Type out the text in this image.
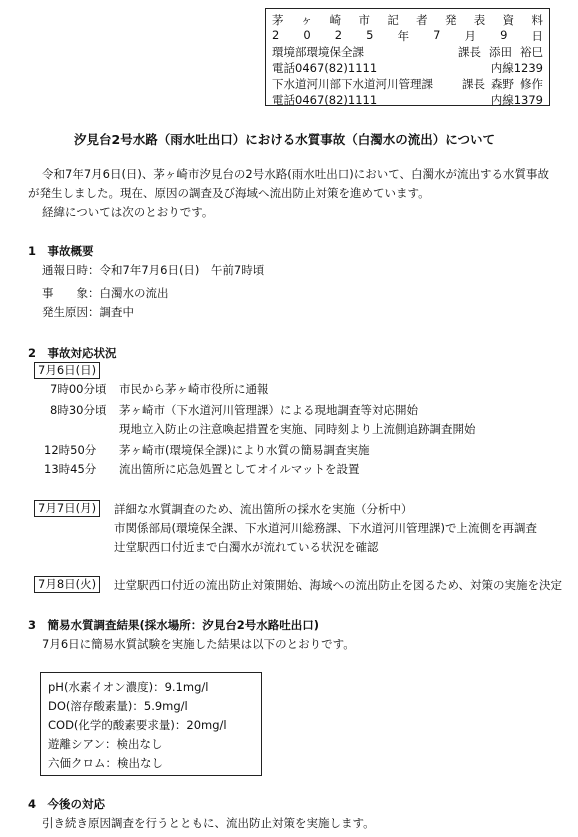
茅 ヶ 崎 市 記 者 発 表 資 料
2 0 2 5 年 7 月 9 日
環境部環境保全課	課長 添田 裕巳
電話0467(82)1111	内線1239
下水道河川部下水道河川管理課	課長 森野 修作
電話0467(82)1111	内線1379
汐見台2号水路（雨水吐出口）における水質事故（白濁水の流出）について
令和7年7月6日(日)、茅ヶ崎市汐見台の2号水路(雨水吐出口)において、白濁水が流出する水質事故
が発生しました。現在、原因の調査及び海域へ流出防止対策を進めています。
経緯については次のとおりです。
1　事故概要
通報日時：令和7年7月6日(日)　午前7時頃
事　　象：白濁水の流出
発生原因：調査中
2　事故対応状況
7月6日(日)
7時00分頃 市民から茅ヶ崎市役所に通報
8時30分頃 茅ヶ崎市（下水道河川管理課）による現地調査等対応開始
現地立入防止の注意喚起措置を実施、同時刻より上流側追跡調査開始
12時50分 茅ヶ崎市(環境保全課)により水質の簡易調査実施
13時45分 流出箇所に応急処置としてオイルマットを設置
7月7日(月)	詳細な水質調査のため、流出箇所の採水を実施（分析中）
市関係部局(環境保全課、下水道河川総務課、下水道河川管理課)で上流側を再調査
辻堂駅西口付近まで白濁水が流れている状況を確認
7月8日(火)	辻堂駅西口付近の流出防止対策開始、海域への流出防止を図るため、対策の実施を決定
3　簡易水質調査結果(採水場所：汐見台2号水路吐出口)
7月6日に簡易水質試験を実施した結果は以下のとおりです。
pH(水素イオン濃度)：9.1mg/l
DO(溶存酸素量)：5.9mg/l
COD(化学的酸素要求量)：20mg/l
遊離シアン：検出なし
六価クロム：検出なし
4　今後の対応
引き続き原因調査を行うとともに、流出防止対策を実施します。
